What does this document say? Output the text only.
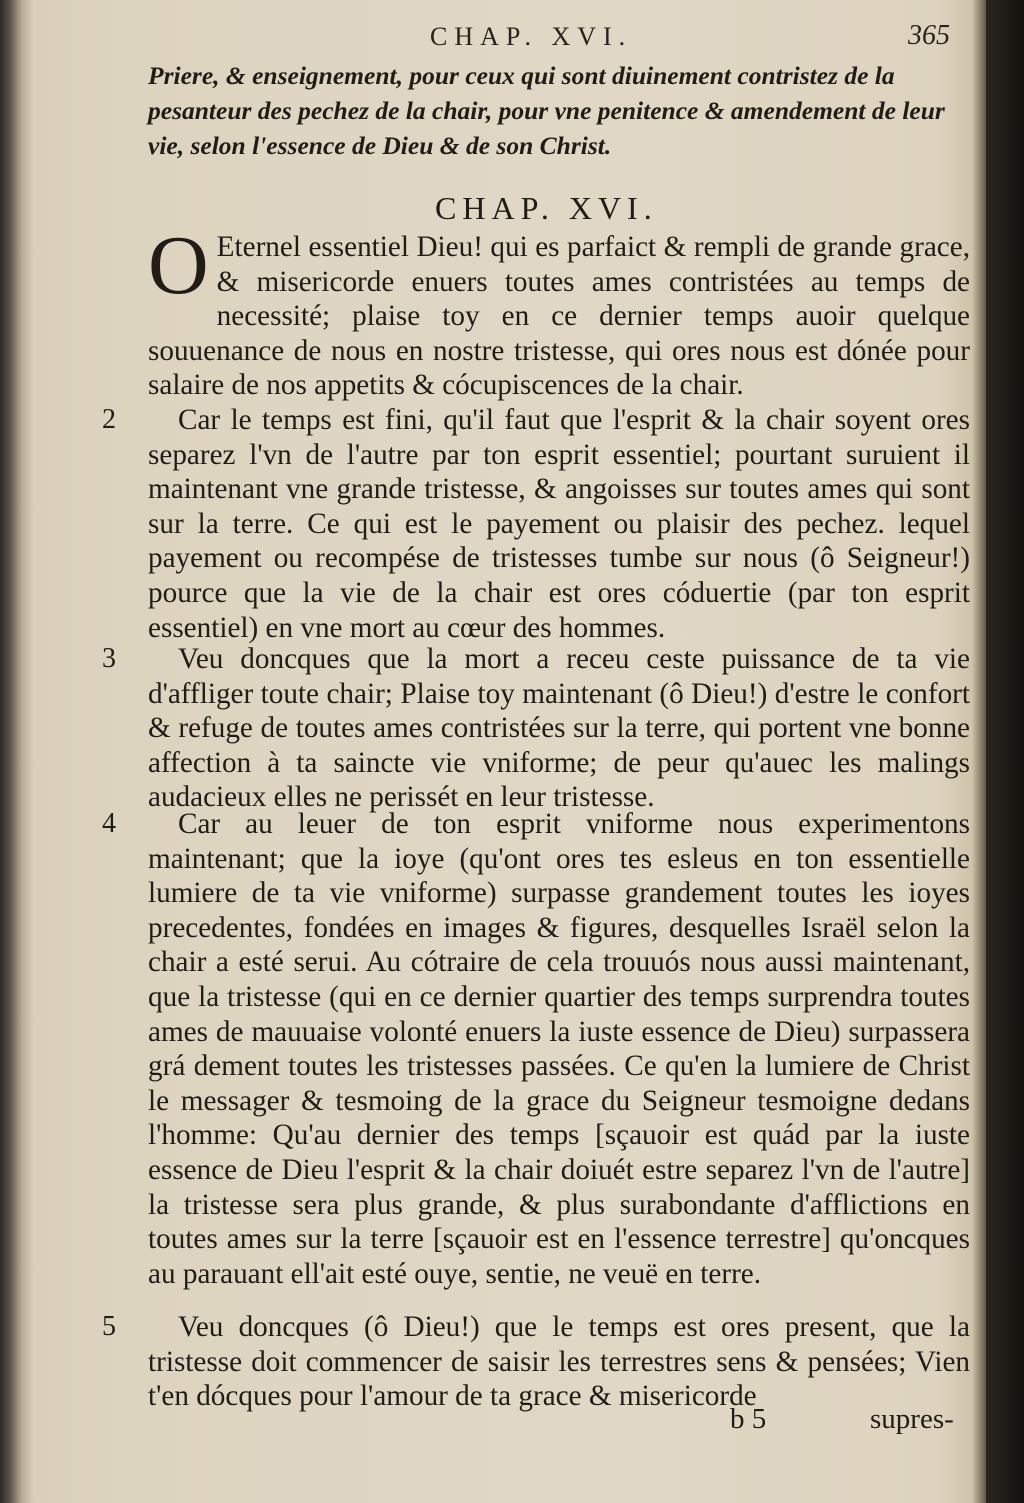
CHAP. XVI.	365
Priere, & enseignement, pour ceux qui sont diuinement contristez de la pesanteur des pechez de la chair, pour vne penitence & amendement de leur vie, selon l'essence de Dieu & de son Christ.
CHAP. XVI.
O Eternel essentiel Dieu! qui es parfaict & rempli de grande grace, & misericorde enuers toutes ames contristées au temps de necessité; plaise toy en ce dernier temps auoir quelque souuenance de nous en nostre tristesse, qui ores nous est dónée pour salaire de nos appetits & cócupiscences de la chair.
2	Car le temps est fini, qu'il faut que l'esprit & la chair soyent ores separez l'vn de l'autre par ton esprit essentiel; pourtant suruient il maintenant vne grande tristesse, & angoisses sur toutes ames qui sont sur la terre. Ce qui est le payement ou plaisir des pechez. lequel payement ou recompése de tristesses tumbe sur nous (ô Seigneur!) pource que la vie de la chair est ores códuertie (par ton esprit essentiel) en vne mort au cœur des hommes.
3	Veu doncques que la mort a receu ceste puissance de ta vie d'affliger toute chair; Plaise toy maintenant (ô Dieu!) d'estre le confort & refuge de toutes ames contristées sur la terre, qui portent vne bonne affection à ta saincte vie vniforme; de peur qu'auec les malings audacieux elles ne perissét en leur tristesse.
4	Car au leuer de ton esprit vniforme nous experimentons maintenant; que la ioye (qu'ont ores tes esleus en ton essentielle lumiere de ta vie vniforme) surpasse grandement toutes les ioyes precedentes, fondées en images & figures, desquelles Israël selon la chair a esté serui. Au cótraire de cela trouuós nous aussi maintenant, que la tristesse (qui en ce dernier quartier des temps surprendra toutes ames de mauuaise volonté enuers la iuste essence de Dieu) surpassera grá dement toutes les tristesses passées. Ce qu'en la lumiere de Christ le messager & tesmoing de la grace du Seigneur tesmoigne dedans l'homme: Qu'au dernier des temps [sçauoir est quád par la iuste essence de Dieu l'esprit & la chair doiuét estre separez l'vn de l'autre] la tristesse sera plus grande, & plus surabondante d'afflictions en toutes ames sur la terre [sçauoir est en l'essence terrestre] qu'oncques au parauant ell'ait esté ouye, sentie, ne veuë en terre.
5	Veu doncques (ô Dieu!) que le temps est ores present, que la tristesse doit commencer de saisir les terrestres sens & pensées; Vien t'en dócques pour l'amour de ta grace & misericorde
b 5	supres-
